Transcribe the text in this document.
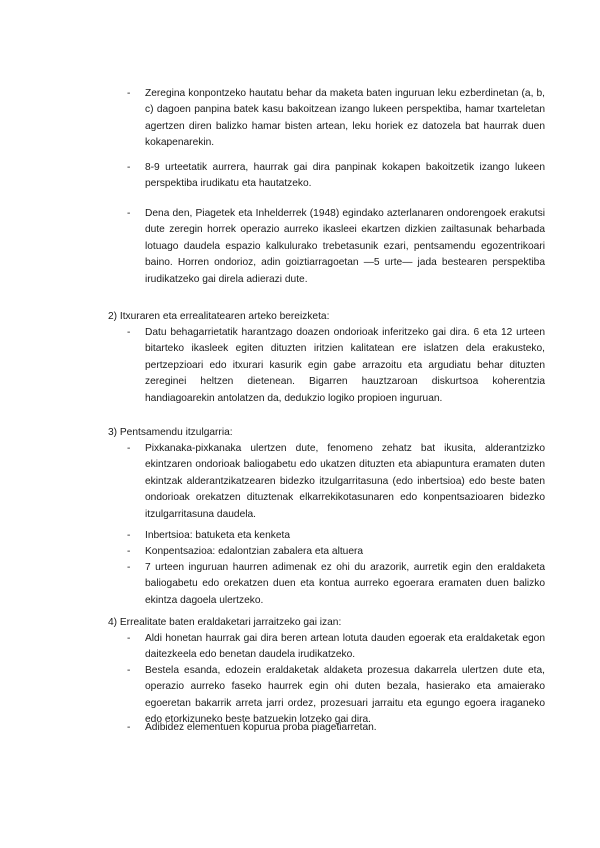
- Zeregina konpontzeko hautatu behar da maketa baten inguruan leku ezberdinetan (a, b, c) dagoen panpina batek kasu bakoitzean izango lukeen perspektiba, hamar txarteletan agertzen diren balizko hamar bisten artean, leku horiek ez datozela bat haurrak duen kokapenarekin.

- 8-9 urteetatik aurrera, haurrak gai dira panpinak kokapen bakoitzetik izango lukeen perspektiba irudikatu eta hautatzeko.

- Dena den, Piagetek eta Inhelderrek (1948) egindako azterlanaren ondorengoek erakutsi dute zeregin horrek operazio aurreko ikasleei ekartzen dizkien zailtasunak beharbada lotuago daudela espazio kalkulurako trebetasunik ezari, pentsamendu egozentrikoari baino. Horren ondorioz, adin goiztiarragoetan —5 urte— jada bestearen perspektiba irudikatzeko gai direla adierazi dute.

2) Itxuraren eta errealitatearen arteko bereizketa:

- Datu behagarrietatik harantzago doazen ondorioak inferitzeko gai dira. 6 eta 12 urteen bitarteko ikasleek egiten dituzten iritzien kalitatean ere islatzen dela erakusteko, pertzepzioari edo itxurari kasurik egin gabe arrazoitu eta argudiatu behar dituzten zereginei heltzen dietenean. Bigarren hauztzaroan diskurtsoa koherentzia handiagoarekin antolatzen da, dedukzio logiko propioen inguruan.

3) Pentsamendu itzulgarria:

- Pixkanaka-pixkanaka ulertzen dute, fenomeno zehatz bat ikusita, alderantzizko ekintzaren ondorioak baliogabetu edo ukatzen dituzten eta abiapuntura eramaten duten ekintzak alderantzikatzearen bidezko itzulgarritasuna (edo inbertsioa) edo beste baten ondorioak orekatzen dituztenak elkarrekikotasunaren edo konpentsazioaren bidezko itzulgarritasuna daudela.

- Inbertsioa: batuketa eta kenketa

- Konpentsazioa: edalontzian zabalera eta altuera

- 7 urteen inguruan haurren adimenak ez ohi du arazorik, aurretik egin den eraldaketa baliogabetu edo orekatzen duen eta kontua aurreko egoerara eramaten duen balizko ekintza dagoela ulertzeko.

4) Errealitate baten eraldaketari jarraitzeko gai izan:

- Aldi honetan haurrak gai dira beren artean lotuta dauden egoerak eta eraldaketak egon daitezkeela edo benetan daudela irudikatzeko.

- Bestela esanda, edozein eraldaketak aldaketa prozesua dakarrela ulertzen dute eta, operazio aurreko faseko haurrek egin ohi duten bezala, hasierako eta amaierako egoeretan bakarrik arreta jarri ordez, prozesuari jarraitu eta egungo egoera iraganeko edo etorkizuneko beste batzuekin lotzeko gai dira.

- Adibidez elementuen kopurua proba piagetiarretan.
